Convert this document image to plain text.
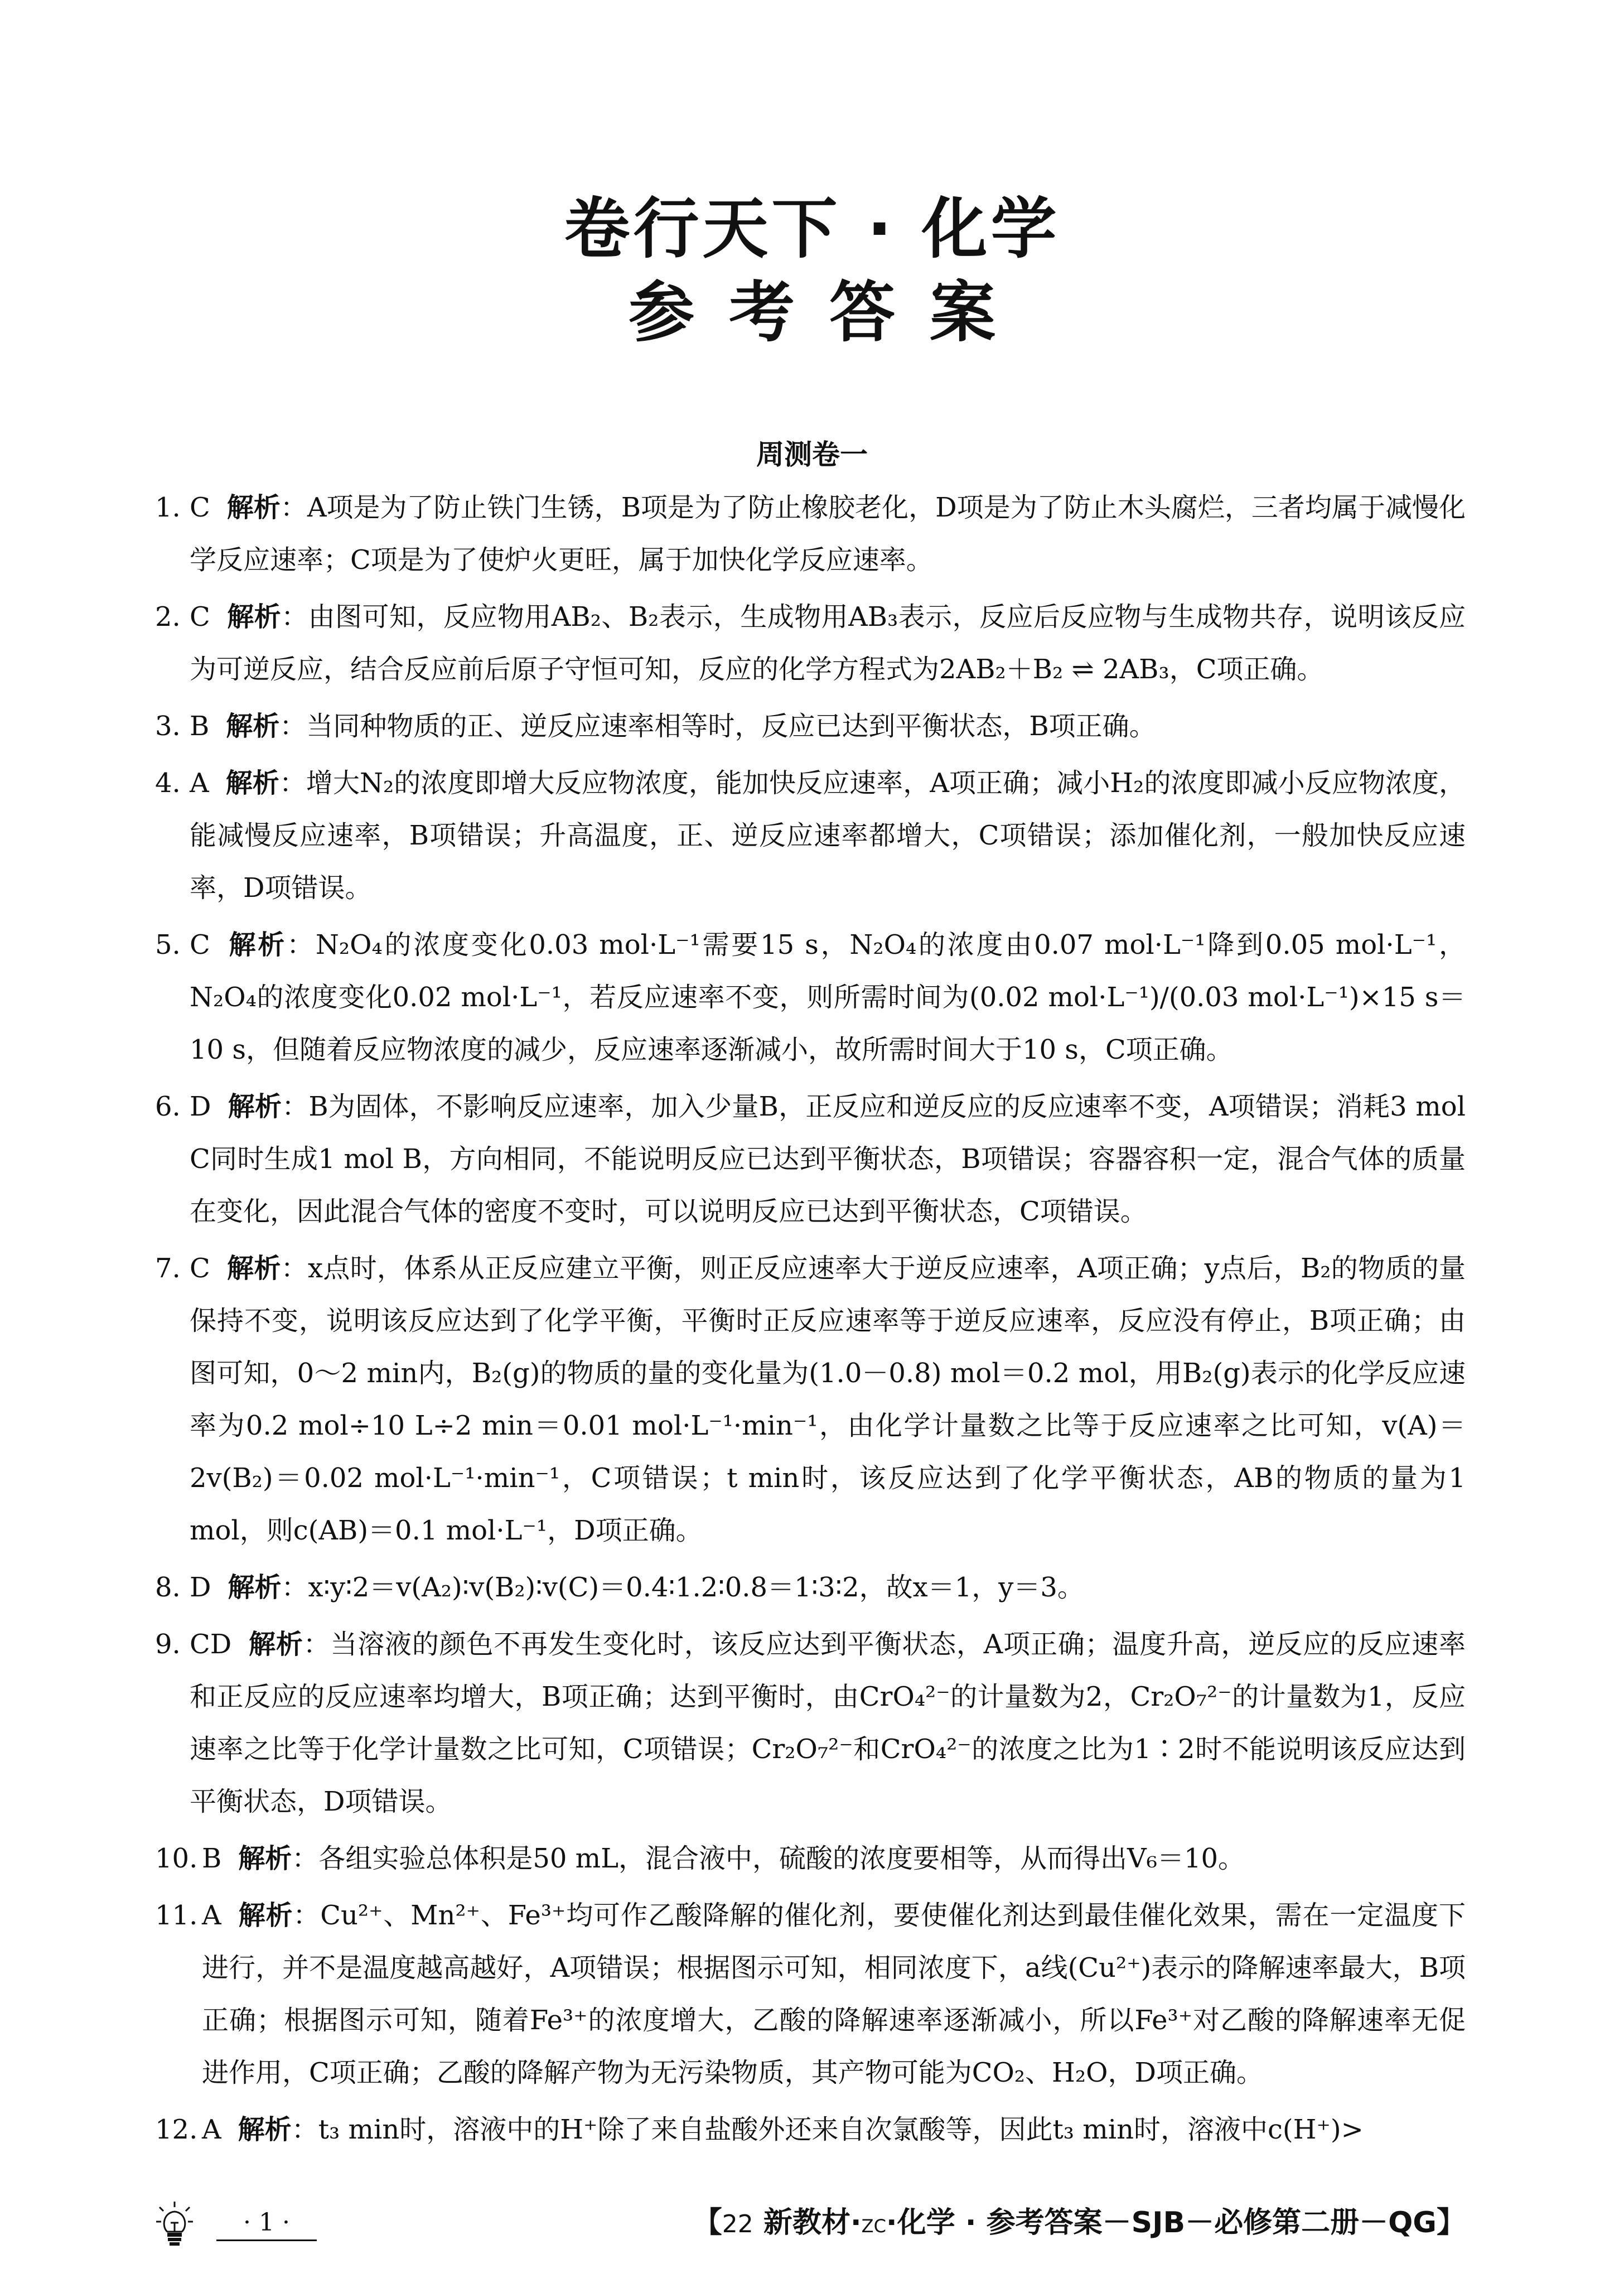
卷行天下 · 化学
参考答案
周测卷一
1. C 解析：A项是为了防止铁门生锈，B项是为了防止橡胶老化，D项是为了防止木头腐烂，三者均属于减慢化学反应速率；C项是为了使炉火更旺，属于加快化学反应速率。
2. C 解析：由图可知，反应物用AB₂、B₂表示，生成物用AB₃表示，反应后反应物与生成物共存，说明该反应为可逆反应，结合反应前后原子守恒可知，反应的化学方程式为2AB₂＋B₂ ⇌ 2AB₃，C项正确。
3. B 解析：当同种物质的正、逆反应速率相等时，反应已达到平衡状态，B项正确。
4. A 解析：增大N₂的浓度即增大反应物浓度，能加快反应速率，A项正确；减小H₂的浓度即减小反应物浓度，能减慢反应速率，B项错误；升高温度，正、逆反应速率都增大，C项错误；添加催化剂，一般加快反应速率，D项错误。
5. C 解析：N₂O₄的浓度变化0.03 mol·L⁻¹需要15 s，N₂O₄的浓度由0.07 mol·L⁻¹降到0.05 mol·L⁻¹，N₂O₄的浓度变化0.02 mol·L⁻¹，若反应速率不变，则所需时间为(0.02 mol·L⁻¹)/(0.03 mol·L⁻¹)×15 s＝10 s，但随着反应物浓度的减少，反应速率逐渐减小，故所需时间大于10 s，C项正确。
6. D 解析：B为固体，不影响反应速率，加入少量B，正反应和逆反应的反应速率不变，A项错误；消耗3 mol C同时生成1 mol B，方向相同，不能说明反应已达到平衡状态，B项错误；容器容积一定，混合气体的质量在变化，因此混合气体的密度不变时，可以说明反应已达到平衡状态，C项错误。
7. C 解析：x点时，体系从正反应建立平衡，则正反应速率大于逆反应速率，A项正确；y点后，B₂的物质的量保持不变，说明该反应达到了化学平衡，平衡时正反应速率等于逆反应速率，反应没有停止，B项正确；由图可知，0～2 min内，B₂(g)的物质的量的变化量为(1.0－0.8) mol＝0.2 mol，用B₂(g)表示的化学反应速率为0.2 mol÷10 L÷2 min＝0.01 mol·L⁻¹·min⁻¹，由化学计量数之比等于反应速率之比可知，v(A)＝2v(B₂)＝0.02 mol·L⁻¹·min⁻¹，C项错误；t min时，该反应达到了化学平衡状态，AB的物质的量为1 mol，则c(AB)＝0.1 mol·L⁻¹，D项正确。
8. D 解析：x∶y∶2＝v(A₂)∶v(B₂)∶v(C)＝0.4∶1.2∶0.8＝1∶3∶2，故x＝1，y＝3。
9. CD 解析：当溶液的颜色不再发生变化时，该反应达到平衡状态，A项正确；温度升高，逆反应的反应速率和正反应的反应速率均增大，B项正确；达到平衡时，由CrO₄²⁻的计量数为2，Cr₂O₇²⁻的计量数为1，反应速率之比等于化学计量数之比可知，C项错误；Cr₂O₇²⁻和CrO₄²⁻的浓度之比为1∶2时不能说明该反应达到平衡状态，D项错误。
10. B 解析：各组实验总体积是50 mL，混合液中，硫酸的浓度要相等，从而得出V₆＝10。
11. A 解析：Cu²⁺、Mn²⁺、Fe³⁺均可作乙酸降解的催化剂，要使催化剂达到最佳催化效果，需在一定温度下进行，并不是温度越高越好，A项错误；根据图示可知，相同浓度下，a线(Cu²⁺)表示的降解速率最大，B项正确；根据图示可知，随着Fe³⁺的浓度增大，乙酸的降解速率逐渐减小，所以Fe³⁺对乙酸的降解速率无促进作用，C项正确；乙酸的降解产物为无污染物质，其产物可能为CO₂、H₂O，D项正确。
12. A 解析：t₃ min时，溶液中的H⁺除了来自盐酸外还来自次氯酸等，因此t₃ min时，溶液中c(H⁺)>
· 1 ·	【22 新教材·ZC·化学 · 参考答案－SJB－必修第二册－QG】
